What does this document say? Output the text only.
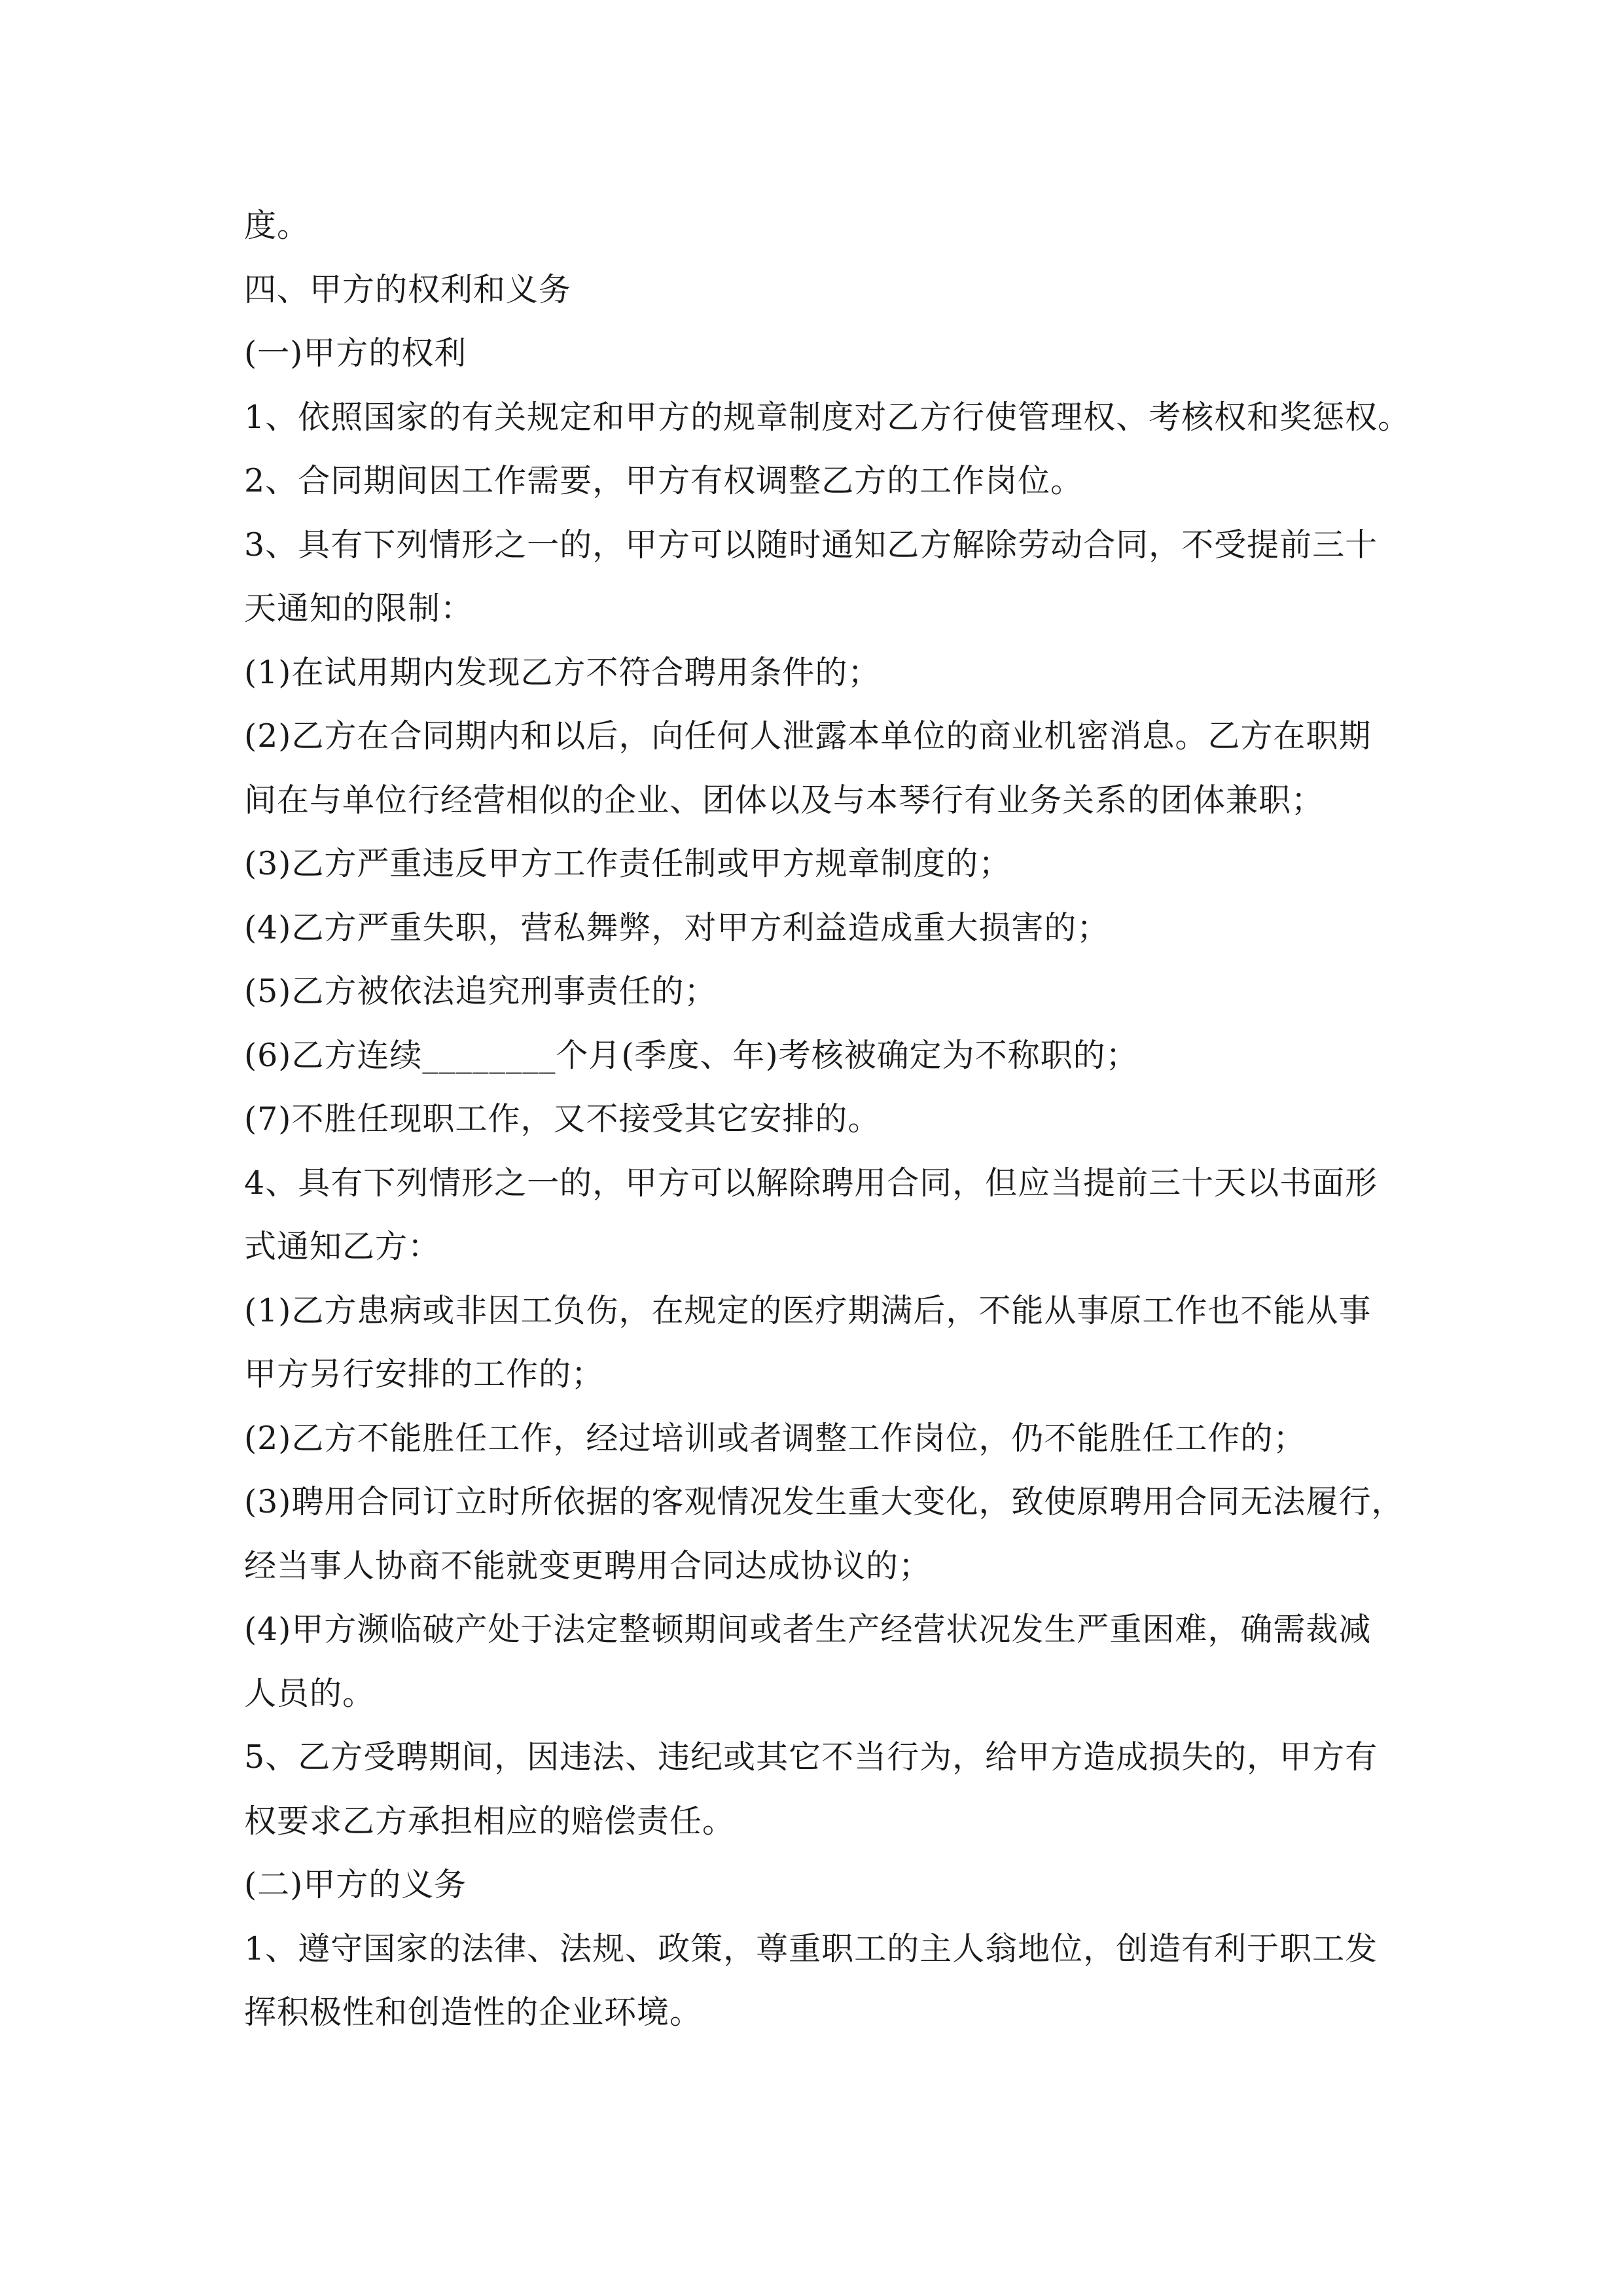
度。
四、甲方的权利和义务
(一)甲方的权利
1、依照国家的有关规定和甲方的规章制度对乙方行使管理权、考核权和奖惩权。
2、合同期间因工作需要，甲方有权调整乙方的工作岗位。
3、具有下列情形之一的，甲方可以随时通知乙方解除劳动合同，不受提前三十
天通知的限制：
(1)在试用期内发现乙方不符合聘用条件的；
(2)乙方在合同期内和以后，向任何人泄露本单位的商业机密消息。乙方在职期
间在与单位行经营相似的企业、团体以及与本琴行有业务关系的团体兼职；
(3)乙方严重违反甲方工作责任制或甲方规章制度的；
(4)乙方严重失职，营私舞弊，对甲方利益造成重大损害的；
(5)乙方被依法追究刑事责任的；
(6)乙方连续________个月(季度、年)考核被确定为不称职的；
(7)不胜任现职工作，又不接受其它安排的。
4、具有下列情形之一的，甲方可以解除聘用合同，但应当提前三十天以书面形
式通知乙方：
(1)乙方患病或非因工负伤，在规定的医疗期满后，不能从事原工作也不能从事
甲方另行安排的工作的；
(2)乙方不能胜任工作，经过培训或者调整工作岗位，仍不能胜任工作的；
(3)聘用合同订立时所依据的客观情况发生重大变化，致使原聘用合同无法履行，
经当事人协商不能就变更聘用合同达成协议的；
(4)甲方濒临破产处于法定整顿期间或者生产经营状况发生严重困难，确需裁减
人员的。
5、乙方受聘期间，因违法、违纪或其它不当行为，给甲方造成损失的，甲方有
权要求乙方承担相应的赔偿责任。
(二)甲方的义务
1、遵守国家的法律、法规、政策，尊重职工的主人翁地位，创造有利于职工发
挥积极性和创造性的企业环境。
